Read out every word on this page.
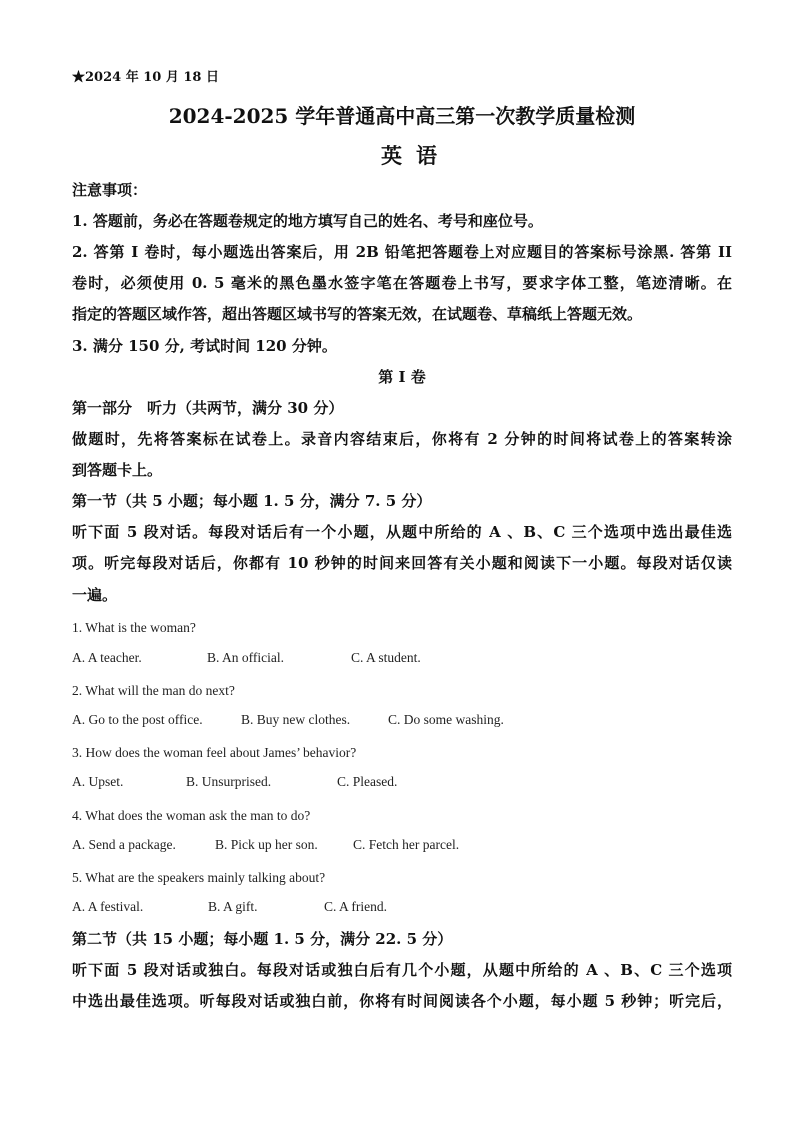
★2024 年 10 月 18 日
2024-2025 学年普通高中高三第一次教学质量检测
英语
注意事项：
1. 答题前，务必在答题卷规定的地方填写自己的姓名、考号和座位号。
2. 答第 I 卷时，每小题选出答案后，用 2B 铅笔把答题卷上对应题目的答案标号涂黑. 答第 II
卷时，必须使用 0. 5 毫米的黑色墨水签字笔在答题卷上书写，要求字体工整，笔迹清晰。在
指定的答题区域作答，超出答题区域书写的答案无效，在试题卷、草稿纸上答题无效。
3. 满分 150 分, 考试时间 120 分钟。
第 I 卷
第一部分　听力（共两节，满分 30 分）
做题时，先将答案标在试卷上。录音内容结束后，你将有 2 分钟的时间将试卷上的答案转涂
到答题卡上。
第一节（共 5 小题；每小题 1. 5 分，满分 7. 5 分）
听下面 5 段对话。每段对话后有一个小题，从题中所给的 A 、B、C 三个选项中选出最佳选
项。听完每段对话后，你都有 10 秒钟的时间来回答有关小题和阅读下一小题。每段对话仅读
一遍。
1. What is the woman?
A. A teacher.	B. An official.	C. A student.
2. What will the man do next?
A. Go to the post office.	B. Buy new clothes.	C. Do some washing.
3. How does the woman feel about James’ behavior?
A. Upset.	B. Unsurprised.	C. Pleased.
4. What does the woman ask the man to do?
A. Send a package.	B. Pick up her son.	C. Fetch her parcel.
5. What are the speakers mainly talking about?
A. A festival.	B. A gift.	C. A friend.
第二节（共 15 小题；每小题 1. 5 分，满分 22. 5 分）
听下面 5 段对话或独白。每段对话或独白后有几个小题，从题中所给的 A 、B、C 三个选项
中选出最佳选项。听每段对话或独白前，你将有时间阅读各个小题，每小题 5 秒钟；听完后，
